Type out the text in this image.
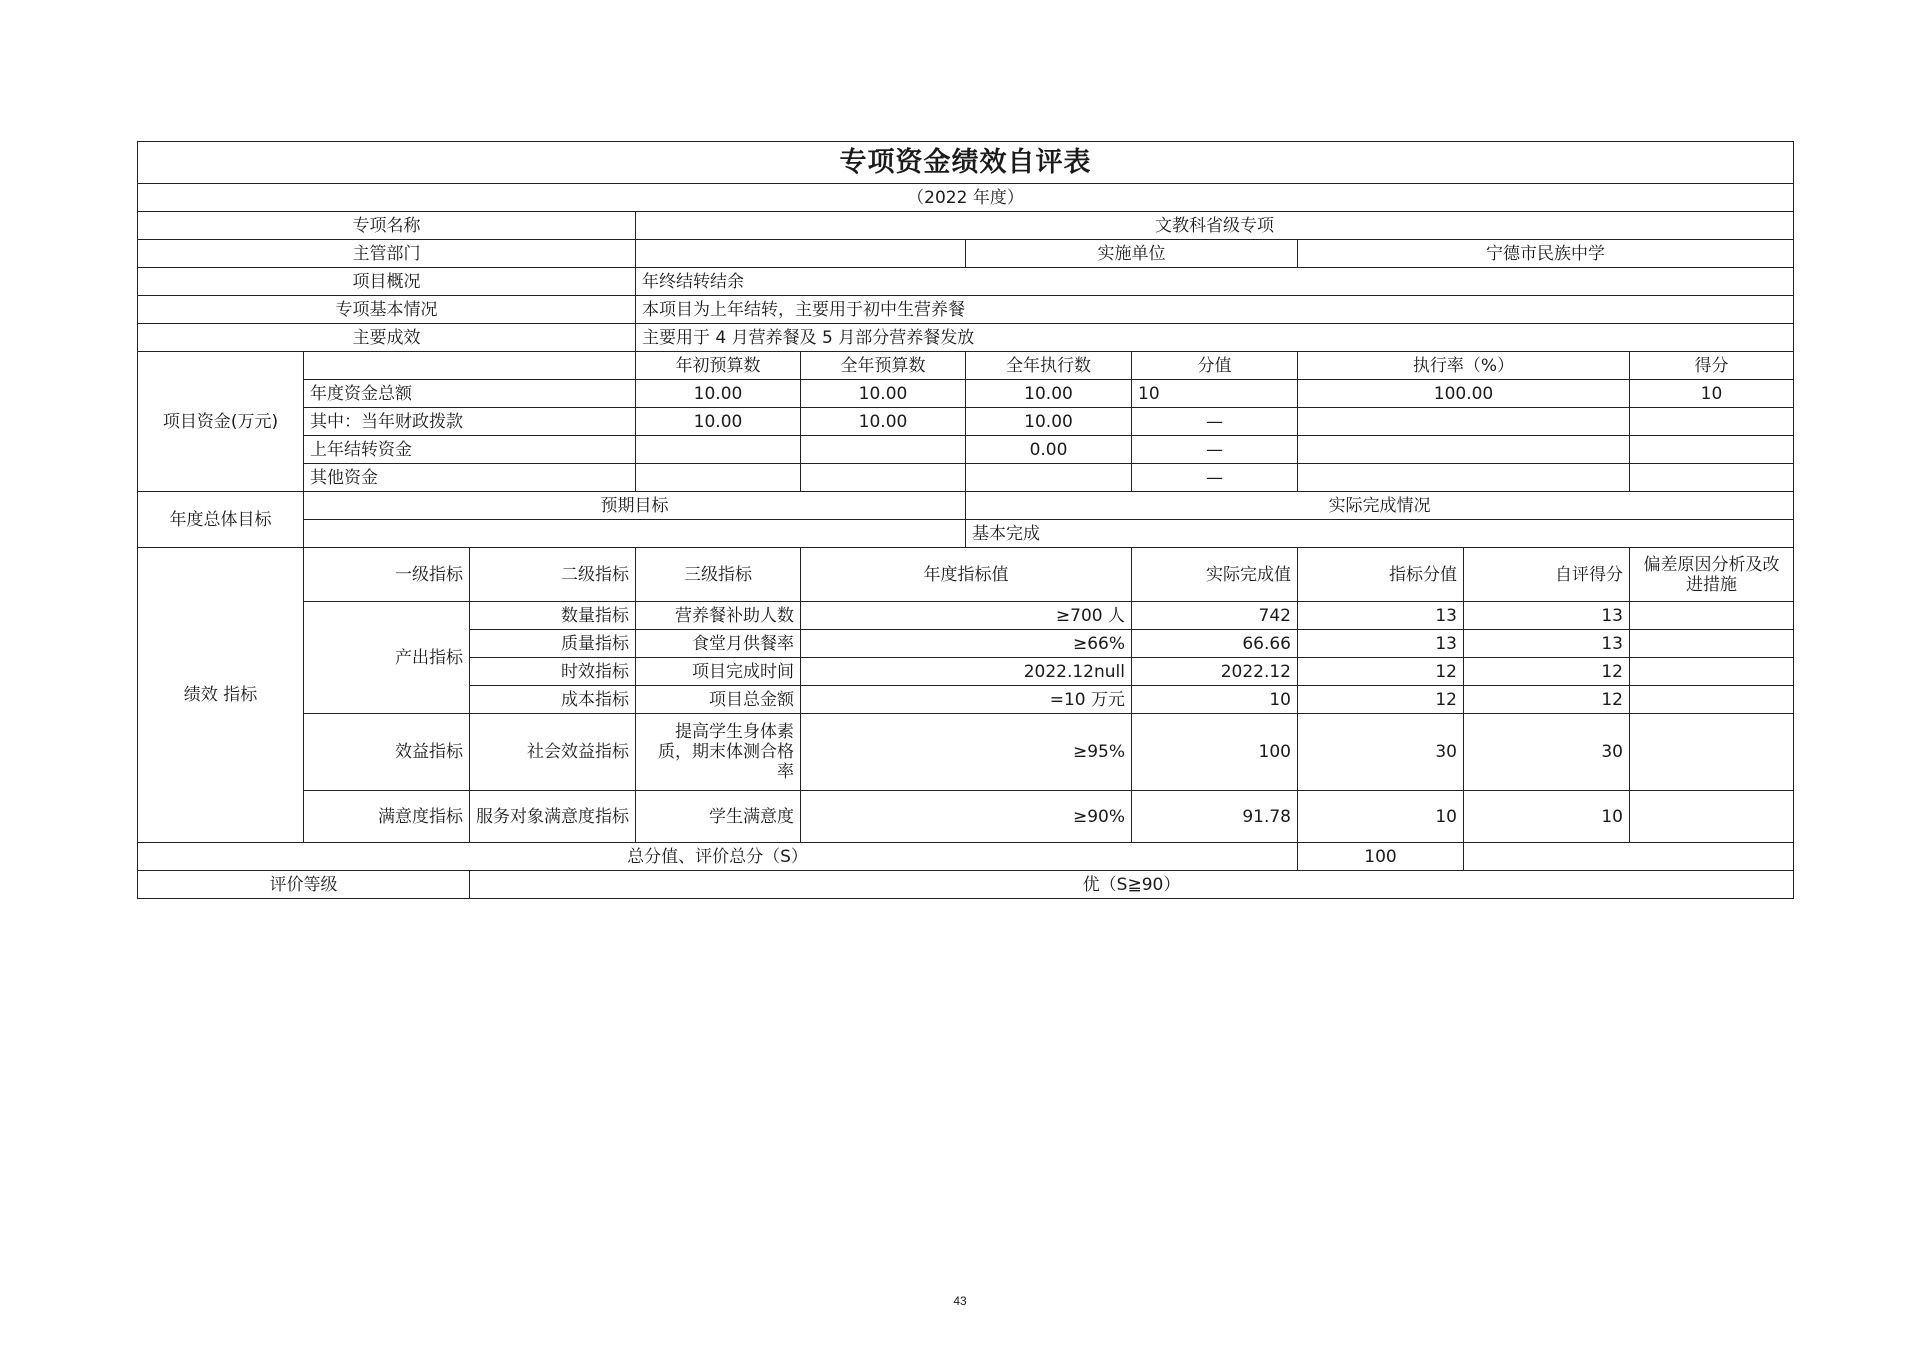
专项资金绩效自评表									
（2022 年度）									
专项名称			文教科省级专项						
主管部门					实施单位		宁德市民族中学		
项目概况			年终结转结余						
专项基本情况			本项目为上年结转，主要用于初中生营养餐						
主要成效			主要用于 4 月营养餐及 5 月部分营养餐发放						
项目资金(万元)			年初预算数	全年预算数	全年执行数	分值	执行率（%）		得分
	年度资金总额		10.00	10.00	10.00	10	100.00		10
	其中：当年财政拨款		10.00	10.00	10.00	—			
	上年结转资金				0.00	—			
	其他资金					—			
年度总体目标	预期目标				实际完成情况				
					基本完成				
绩效 指标	一级指标	二级指标	三级指标	年度指标值		实际完成值	指标分值	自评得分	偏差原因分析及改进措施
	产出指标	数量指标	营养餐补助人数	≥700 人		742	13	13	
		质量指标	食堂月供餐率	≥66%		66.66	13	13	
		时效指标	项目完成时间	2022.12null		2022.12	12	12	
		成本指标	项目总金额	=10 万元		10	12	12	
	效益指标	社会效益指标	提高学生身体素质，期末体测合格率	≥95%		100	30	30	
	满意度指标	服务对象满意度指标	学生满意度	≥90%		91.78	10	10	
总分值、评价总分（S）							100		
评价等级		优（S≧90）							
43
